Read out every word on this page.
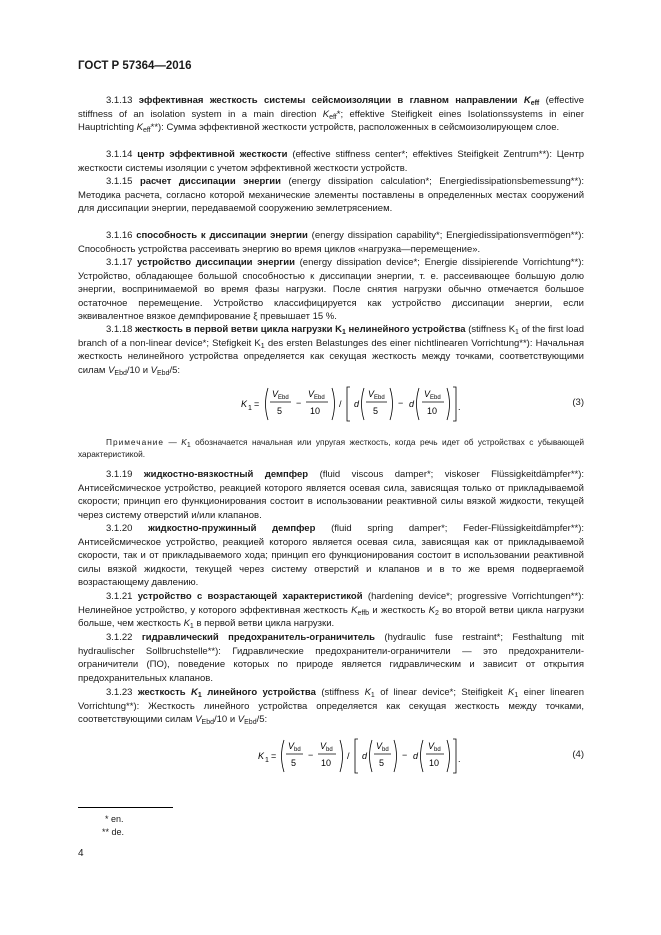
ГОСТ Р 57364—2016

3.1.13 эффективная жесткость системы сейсмоизоляции в главном направлении $K_{eff}$ (effective stiffness of an isolation system in a main direction $K_{eff}*$; effektive Steifigkeit eines Isolationssystems in einer Hauptrichting $K_{eff}**$): Сумма эффективной жесткости устройств, расположенных в сейсмоизолирующем слое.

3.1.14 центр эффективной жесткости (effective stiffness center*; effektives Steifigkeit Zentrum**): Центр жесткости системы изоляции с учетом эффективной жесткости устройств.

3.1.15 расчет диссипации энергии (energy dissipation calculation*; Energiedissipationsbemessung**): Методика расчета, согласно которой механические элементы поставлены в определенных местах сооружений для диссипации энергии, передаваемой сооружению землетрясением.

3.1.16 способность к диссипации энергии (energy dissipation capability*; Energiedissipationsvermögen**): Способность устройства рассеивать энергию во время циклов «нагрузка—перемещение».

3.1.17 устройство диссипации энергии (energy dissipation device*; Energie dissipierende Vorrichtung**): Устройство, обладающее большой способностью к диссипации энергии, т. е. рассеивающее большую долю энергии, воспринимаемой во время фазы нагрузки. После снятия нагрузки обычно отмечается большое остаточное перемещение. Устройство классифицируется как устройство диссипации энергии, если эквивалентное вязкое демпфирование ξ превышает 15 %.

3.1.18 жесткость в первой ветви цикла нагрузки $K_1$ нелинейного устройства (stiffness $K_1$ of the first load branch of a non-linear device*; Stefigkeit $K_1$ des ersten Belastunges des einer nichtlinearen Vorrichtung**): Начальная жесткость нелинейного устройства определяется как секущая жесткость между точками, соответствующими силам $V_{Ebd}/10$ и $V_{Ebd}/5$:

K 1 =
V Ebd
5
−
V Ebd
10
/ d
V Ebd
5
− d
V Ebd
10 .	(3)

Примечание — $K_1$ обозначается начальная или упругая жесткость, когда речь идет об устройствах с убывающей характеристикой.

3.1.19 жидкостно-вязкостный демпфер (fluid viscous damper*; viskoser Flüssigkeitdämpfer**): Антисейсмическое устройство, реакцией которого является осевая сила, зависящая только от прикладываемой скорости; принцип его функционирования состоит в использовании реактивной силы вязкой жидкости, текущей через систему отверстий и/или клапанов.

3.1.20 жидкостно-пружинный демпфер (fluid spring damper*; Feder-Flüssigkeitdämpfer**): Антисейсмическое устройство, реакцией которого является осевая сила, зависящая как от прикладываемой скорости, так и от прикладываемого хода; принцип его функционирования состоит в использовании реактивной силы вязкой жидкости, текущей через систему отверстий и клапанов и в то же время подвергаемой возрастающему давлению.

3.1.21 устройство с возрастающей характеристикой (hardening device*; progressive Vorrichtungen**): Нелинейное устройство, у которого эффективная жесткость $K_{effb}$ и жесткость $K_2$ во второй ветви цикла нагрузки больше, чем жесткость $K_1$ в первой ветви цикла нагрузки.

3.1.22 гидравлический предохранитель-ограничитель (hydraulic fuse restraint*; Festhaltung mit hydraulischer Sollbruchstelle**): Гидравлические предохранители-ограничители — это предохранители-ограничители (ПО), поведение которых по природе является гидравлическим и зависит от открытия предохранительных клапанов.

3.1.23 жесткость $K_1$ линейного устройства (stiffness $K_1$ of linear device*; Steifigkeit $K_1$ einer linearen Vorrichtung**): Жесткость линейного устройства определяется как секущая жесткость между точками, соответствующими силам $V_{Ebd}/10$ и $V_{Ebd}/5$:

K 1 =
V bd
5
−
V bd
10
/ d
V bd
5
− d
V bd
10 .	(4)
* en.
** de.
4
